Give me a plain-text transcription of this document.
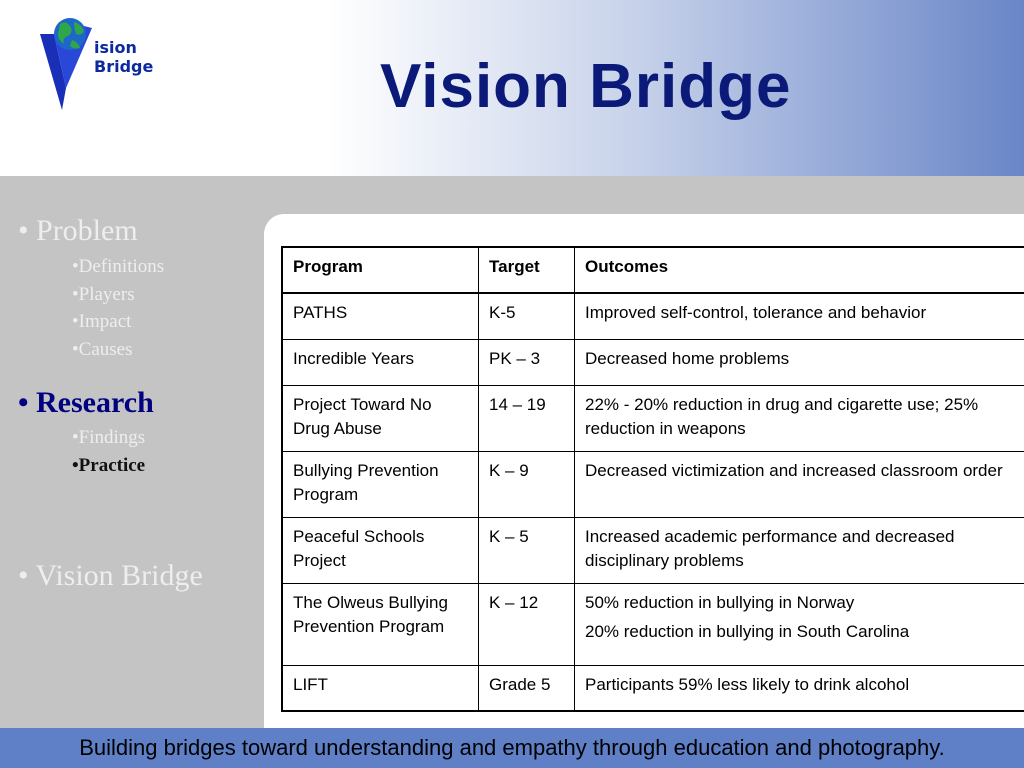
ision
Bridge	Vision Bridge
• Problem
•Definitions
•Players
•Impact
•Causes
• Research
•Findings
•Practice
• Vision Bridge
Program	Target	Outcomes
PATHS	K-5	Improved self-control, tolerance and behavior

Incredible Years	PK – 3	Decreased home problems

Project Toward No Drug Abuse	14 – 19	22% - 20% reduction in drug and cigarette use; 25% reduction in weapons

Bullying Prevention Program	K – 9	Decreased victimization and increased classroom order

Peaceful Schools Project	K – 5	Increased academic performance and decreased disciplinary problems

The Olweus Bullying Prevention Program	K – 12	50% reduction in bullying in Norway
20% reduction in bullying in South Carolina

LIFT	Grade 5	Participants 59% less likely to drink alcohol
Building bridges toward understanding and empathy through education and photography.
